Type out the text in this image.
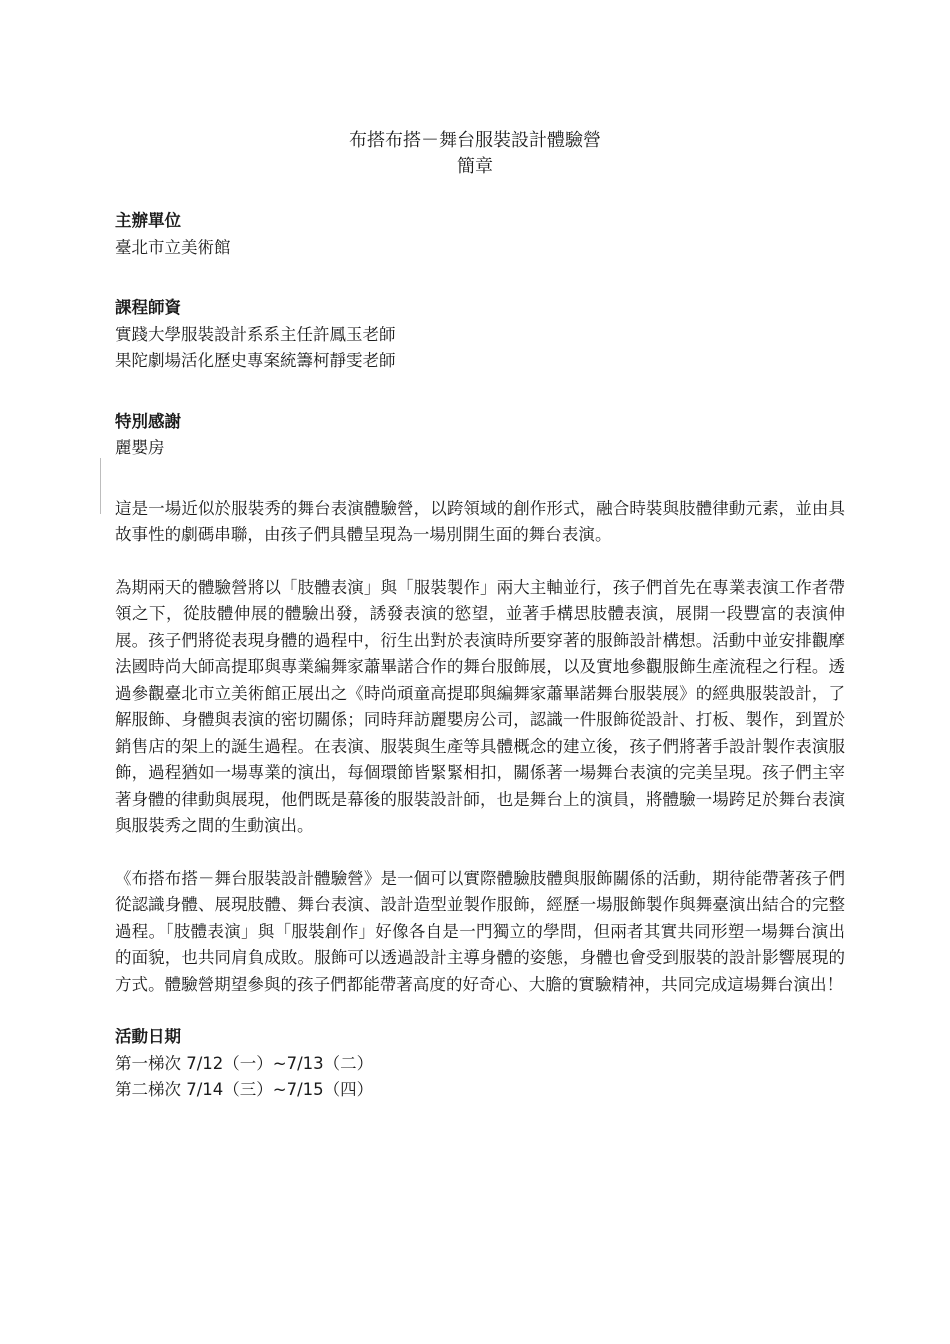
布搭布搭－舞台服裝設計體驗營
簡章

主辦單位

臺北市立美術館

課程師資

實踐大學服裝設計系系主任許鳳玉老師

果陀劇場活化歷史專案統籌柯靜雯老師

特別感謝

麗嬰房

這是一場近似於服裝秀的舞台表演體驗營，以跨領域的創作形式，融合時裝與肢體律動元素，並由具故事性的劇碼串聯，由孩子們具體呈現為一場別開生面的舞台表演。

為期兩天的體驗營將以「肢體表演」與「服裝製作」兩大主軸並行，孩子們首先在專業表演工作者帶領之下，從肢體伸展的體驗出發，誘發表演的慾望，並著手構思肢體表演，展開一段豐富的表演伸展。孩子們將從表現身體的過程中，衍生出對於表演時所要穿著的服飾設計構想。活動中並安排觀摩法國時尚大師高提耶與專業編舞家蕭畢諾合作的舞台服飾展，以及實地參觀服飾生產流程之行程。透過參觀臺北市立美術館正展出之《時尚頑童高提耶與編舞家蕭畢諾舞台服裝展》的經典服裝設計，了解服飾、身體與表演的密切關係；同時拜訪麗嬰房公司，認識一件服飾從設計、打板、製作，到置於銷售店的架上的誕生過程。在表演、服裝與生產等具體概念的建立後，孩子們將著手設計製作表演服飾，過程猶如一場專業的演出，每個環節皆緊緊相扣，關係著一場舞台表演的完美呈現。孩子們主宰著身體的律動與展現，他們既是幕後的服裝設計師，也是舞台上的演員，將體驗一場跨足於舞台表演與服裝秀之間的生動演出。

《布搭布搭－舞台服裝設計體驗營》是一個可以實際體驗肢體與服飾關係的活動，期待能帶著孩子們從認識身體、展現肢體、舞台表演、設計造型並製作服飾，經歷一場服飾製作與舞臺演出結合的完整過程。「肢體表演」與「服裝創作」好像各自是一門獨立的學問，但兩者其實共同形塑一場舞台演出的面貌，也共同肩負成敗。服飾可以透過設計主導身體的姿態，身體也會受到服裝的設計影響展現的方式。體驗營期望參與的孩子們都能帶著高度的好奇心、大膽的實驗精神，共同完成這場舞台演出！

活動日期

第一梯次 7/12（一）~7/13（二）

第二梯次 7/14（三）~7/15（四）
